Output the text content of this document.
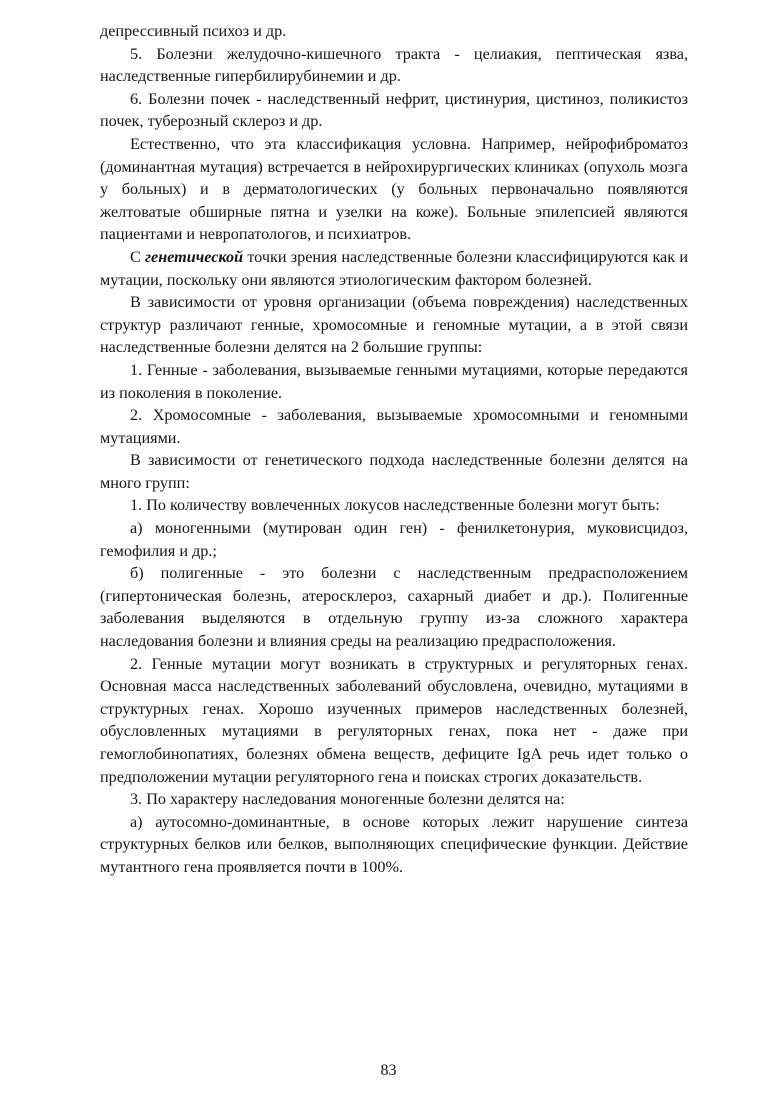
депрессивный психоз и др.

5. Болезни желудочно-кишечного тракта - целиакия, пептическая язва, наследственные гипербилирубинемии и др.

6. Болезни почек - наследственный нефрит, цистинурия, цистиноз, поликистоз почек, туберозный склероз и др.

Естественно, что эта классификация условна. Например, нейрофиброматоз (доминантная мутация) встречается в нейрохирургических клиниках (опухоль мозга у больных) и в дерматологических (у больных первоначально появляются желтоватые обширные пятна и узелки на коже). Больные эпилепсией являются пациентами и невропатологов, и психиатров.

С генетической точки зрения наследственные болезни классифицируются как и мутации, поскольку они являются этиологическим фактором болезней.

В зависимости от уровня организации (объема повреждения) наследственных структур различают генные, хромосомные и геномные мутации, а в этой связи наследственные болезни делятся на 2 большие группы:

1. Генные - заболевания, вызываемые генными мутациями, которые передаются из поколения в поколение.

2. Хромосомные - заболевания, вызываемые хромосомными и геномными мутациями.

В зависимости от генетического подхода наследственные болезни делятся на много групп:

1. По количеству вовлеченных локусов наследственные болезни могут быть:

а) моногенными (мутирован один ген) - фенилкетонурия, муковисцидоз, гемофилия и др.;

б) полигенные - это болезни с наследственным предрасположением (гипертоническая болезнь, атеросклероз, сахарный диабет и др.). Полигенные заболевания выделяются в отдельную группу из-за сложного характера наследования болезни и влияния среды на реализацию предрасположения.

2. Генные мутации могут возникать в структурных и регуляторных генах. Основная масса наследственных заболеваний обусловлена, очевидно, мутациями в структурных генах. Хорошо изученных примеров наследственных болезней, обусловленных мутациями в регуляторных генах, пока нет - даже при гемоглобинопатиях, болезнях обмена веществ, дефиците IgA речь идет только о предположении мутации регуляторного гена и поисках строгих доказательств.

3. По характеру наследования моногенные болезни делятся на:

а) аутосомно-доминантные, в основе которых лежит нарушение синтеза структурных белков или белков, выполняющих специфические функции. Действие мутантного гена проявляется почти в 100%.

83
